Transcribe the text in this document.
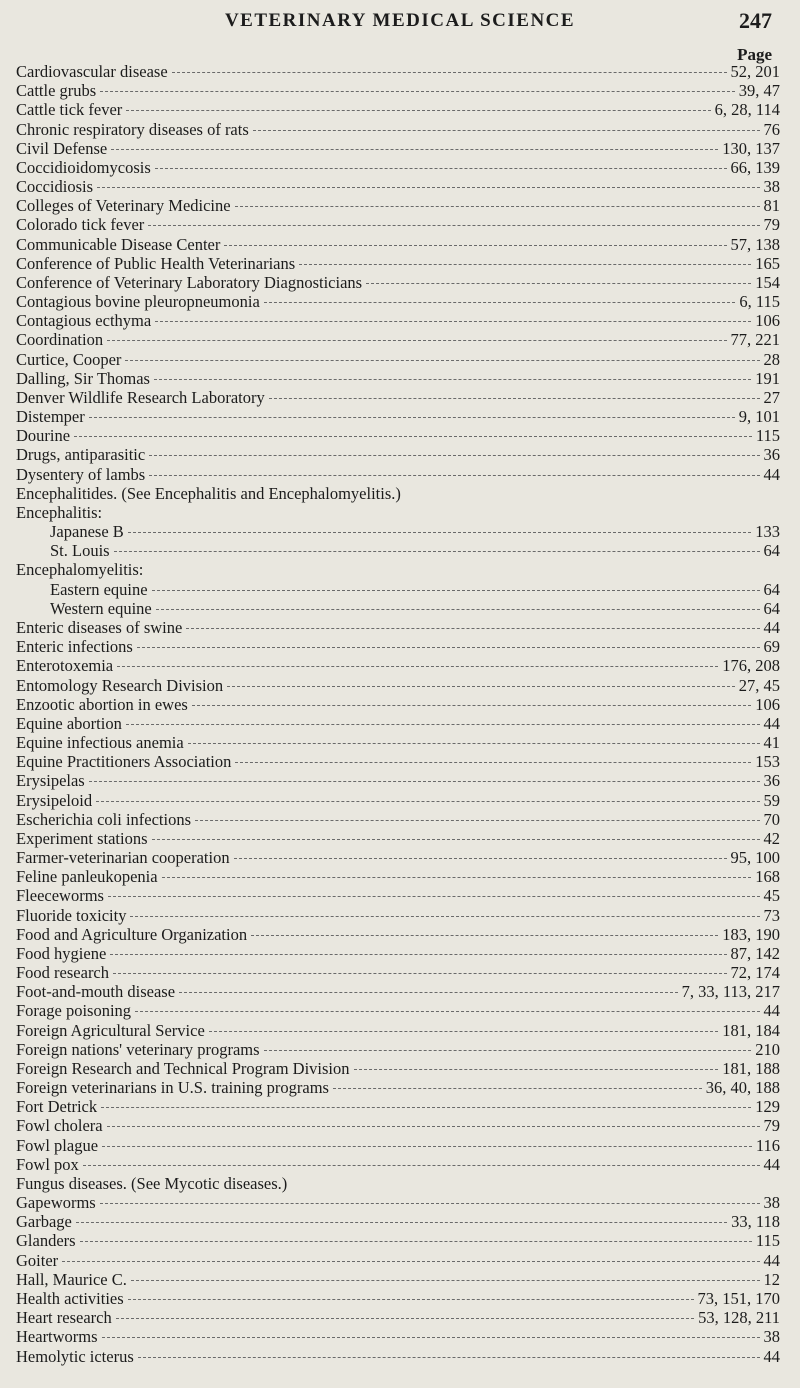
VETERINARY MEDICAL SCIENCE	247
Page
Cardiovascular disease	52, 201
Cattle grubs	39, 47
Cattle tick fever	6, 28, 114
Chronic respiratory diseases of rats	76
Civil Defense	130, 137
Coccidioidomycosis	66, 139
Coccidiosis	38
Colleges of Veterinary Medicine	81
Colorado tick fever	79
Communicable Disease Center	57, 138
Conference of Public Health Veterinarians	165
Conference of Veterinary Laboratory Diagnosticians	154
Contagious bovine pleuropneumonia	6, 115
Contagious ecthyma	106
Coordination	77, 221
Curtice, Cooper	28
Dalling, Sir Thomas	191
Denver Wildlife Research Laboratory	27
Distemper	9, 101
Dourine	115
Drugs, antiparasitic	36
Dysentery of lambs	44
Encephalitides. (See Encephalitis and Encephalomyelitis.)
Encephalitis:
Japanese B	133
St. Louis	64
Encephalomyelitis:
Eastern equine	64
Western equine	64
Enteric diseases of swine	44
Enteric infections	69
Enterotoxemia	176, 208
Entomology Research Division	27, 45
Enzootic abortion in ewes	106
Equine abortion	44
Equine infectious anemia	41
Equine Practitioners Association	153
Erysipelas	36
Erysipeloid	59
Escherichia coli infections	70
Experiment stations	42
Farmer-veterinarian cooperation	95, 100
Feline panleukopenia	168
Fleeceworms	45
Fluoride toxicity	73
Food and Agriculture Organization	183, 190
Food hygiene	87, 142
Food research	72, 174
Foot-and-mouth disease	7, 33, 113, 217
Forage poisoning	44
Foreign Agricultural Service	181, 184
Foreign nations' veterinary programs	210
Foreign Research and Technical Program Division	181, 188
Foreign veterinarians in U.S. training programs	36, 40, 188
Fort Detrick	129
Fowl cholera	79
Fowl plague	116
Fowl pox	44
Fungus diseases. (See Mycotic diseases.)
Gapeworms	38
Garbage	33, 118
Glanders	115
Goiter	44
Hall, Maurice C.	12
Health activities	73, 151, 170
Heart research	53, 128, 211
Heartworms	38
Hemolytic icterus	44
